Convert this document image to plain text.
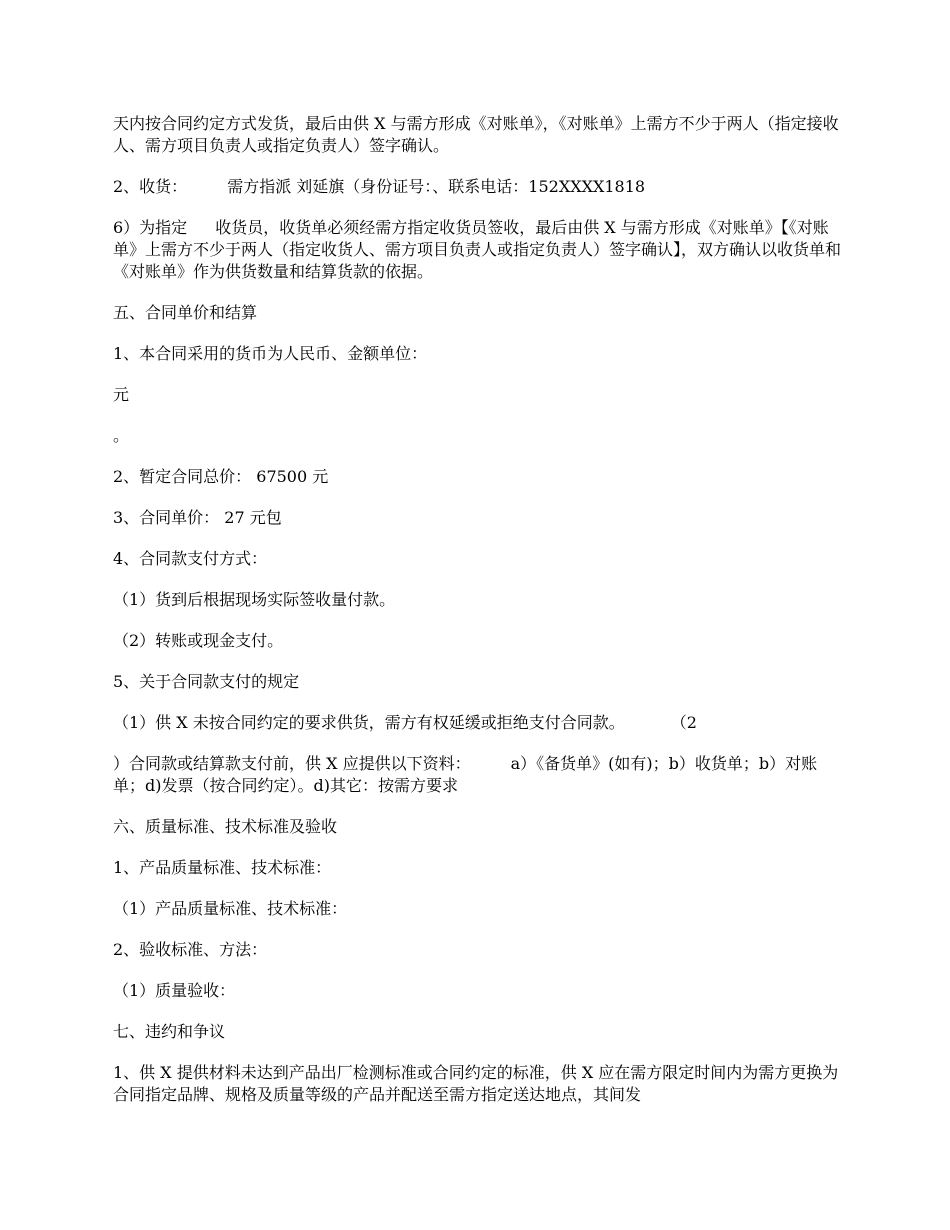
天内按合同约定方式发货，最后由供 X 与需方形成《对账单》，《对账单》上需方不少于两人（指定接收人、需方项目负责人或指定负责人）签字确认。

2、收货：	需方指派 刘延旗（身份证号：、联系电话：152XXXX1818

6）为指定 收货员，收货单必须经需方指定收货员签收，最后由供 X 与需方形成《对账单》【《对账单》上需方不少于两人（指定收货人、需方项目负责人或指定负责人）签字确认】，双方确认以收货单和《对账单》作为供货数量和结算货款的依据。

五、合同单价和结算

1、本合同采用的货币为人民币、金额单位：

元

。

2、暂定合同总价： 67500 元

3、合同单价： 27 元包

4、合同款支付方式：

（1）货到后根据现场实际签收量付款。

（2）转账或现金支付。

5、关于合同款支付的规定

（1）供 X 未按合同约定的要求供货，需方有权延缓或拒绝支付合同款。	（2

）合同款或结算款支付前，供 X 应提供以下资料：	a）《备货单》(如有)；b）收货单；b）对账单；d)发票（按合同约定）。d)其它：按需方要求

六、质量标准、技术标准及验收

1、产品质量标准、技术标准：

（1）产品质量标准、技术标准：

2、验收标准、方法：

（1）质量验收：

七、违约和争议

1、供 X 提供材料未达到产品出厂检测标准或合同约定的标准，供 X 应在需方限定时间内为需方更换为合同指定品牌、规格及质量等级的产品并配送至需方指定送达地点，其间发
